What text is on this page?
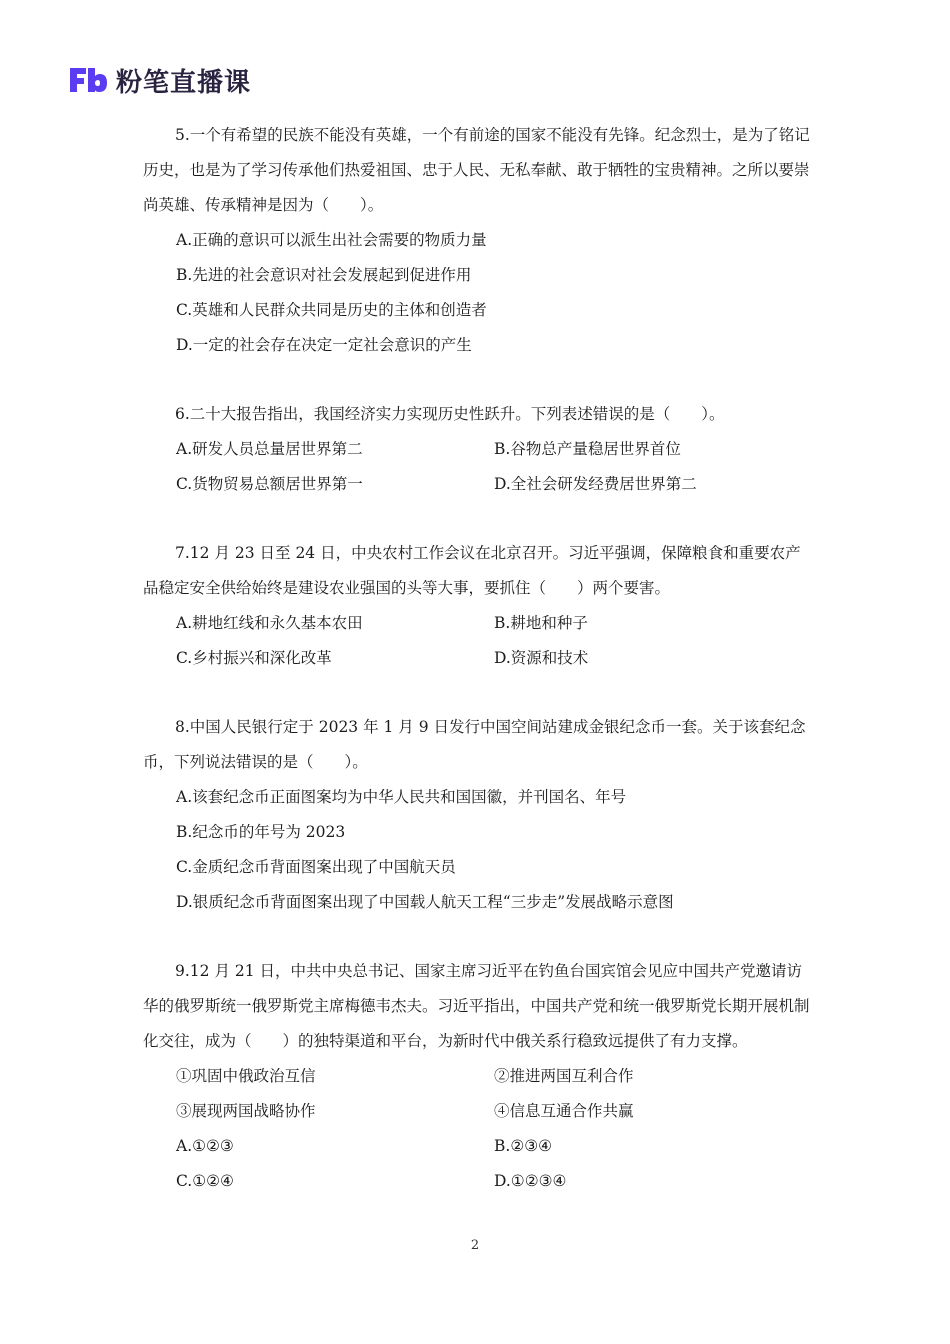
粉笔直播课
5.一个有希望的民族不能没有英雄，一个有前途的国家不能没有先锋。纪念烈士，是为了铭记历史，也是为了学习传承他们热爱祖国、忠于人民、无私奉献、敢于牺牲的宝贵精神。之所以要崇尚英雄、传承精神是因为（　　）。
A.正确的意识可以派生出社会需要的物质力量
B.先进的社会意识对社会发展起到促进作用
C.英雄和人民群众共同是历史的主体和创造者
D.一定的社会存在决定一定社会意识的产生
6.二十大报告指出，我国经济实力实现历史性跃升。下列表述错误的是（　　）。
A.研发人员总量居世界第二	B.谷物总产量稳居世界首位
C.货物贸易总额居世界第一	D.全社会研发经费居世界第二
7.12 月 23 日至 24 日，中央农村工作会议在北京召开。习近平强调，保障粮食和重要农产品稳定安全供给始终是建设农业强国的头等大事，要抓住（　　）两个要害。
A.耕地红线和永久基本农田	B.耕地和种子
C.乡村振兴和深化改革	D.资源和技术
8.中国人民银行定于 2023 年 1 月 9 日发行中国空间站建成金银纪念币一套。关于该套纪念币，下列说法错误的是（　　）。
A.该套纪念币正面图案均为中华人民共和国国徽，并刊国名、年号
B.纪念币的年号为 2023
C.金质纪念币背面图案出现了中国航天员
D.银质纪念币背面图案出现了中国载人航天工程“三步走”发展战略示意图
9.12 月 21 日，中共中央总书记、国家主席习近平在钓鱼台国宾馆会见应中国共产党邀请访华的俄罗斯统一俄罗斯党主席梅德韦杰夫。习近平指出，中国共产党和统一俄罗斯党长期开展机制化交往，成为（　　）的独特渠道和平台，为新时代中俄关系行稳致远提供了有力支撑。
①巩固中俄政治互信	②推进两国互利合作
③展现两国战略协作	④信息互通合作共赢
A.①②③	B.②③④
C.①②④	D.①②③④
2
